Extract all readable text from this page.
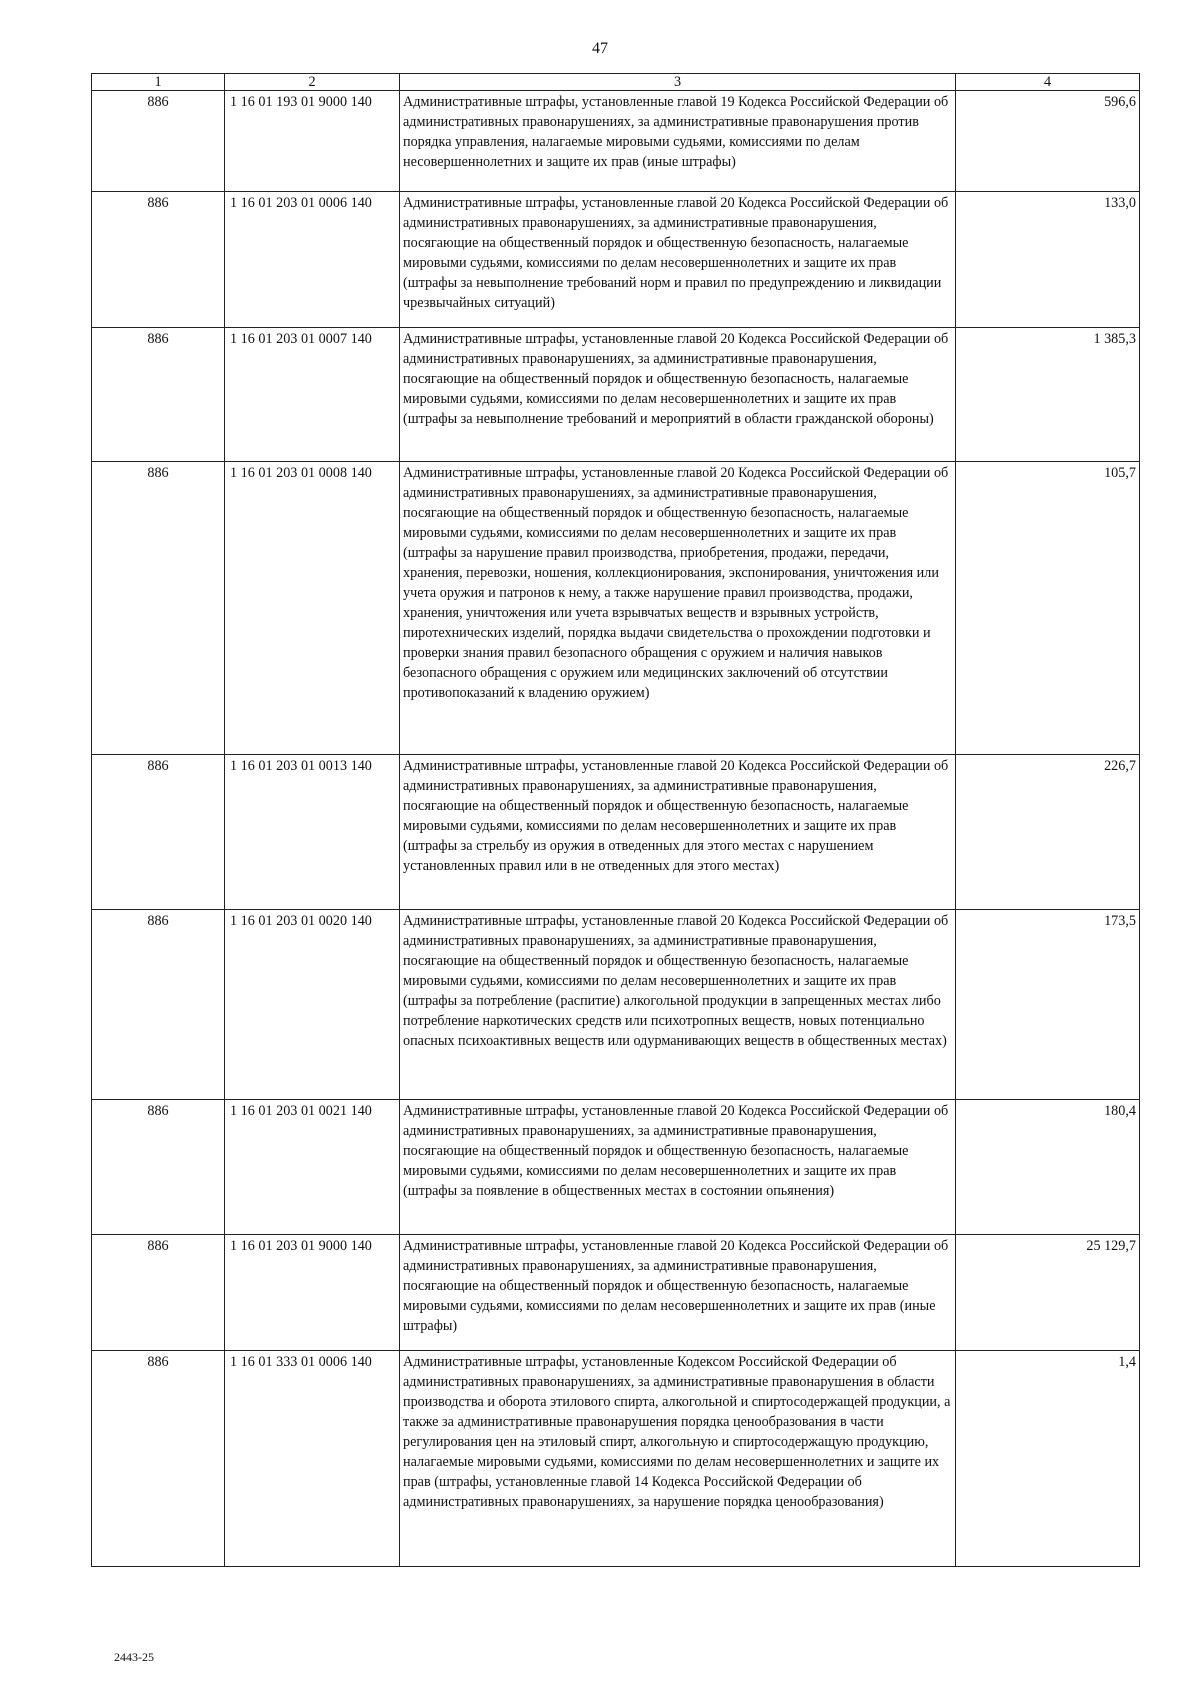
47
1	2	3	4
886	1 16 01 193 01 9000 140	Административные штрафы, установленные главой 19 Кодекса Российской Федерации об административных правонарушениях, за административные правонарушения против порядка управления, налагаемые мировыми судьями, комиссиями по делам несовершеннолетних и защите их прав (иные штрафы)	596,6
886	1 16 01 203 01 0006 140	Административные штрафы, установленные главой 20 Кодекса Российской Федерации об административных правонарушениях, за административные правонарушения, посягающие на общественный порядок и общественную безопасность, налагаемые мировыми судьями, комиссиями по делам несовершеннолетних и защите их прав (штрафы за невыполнение требований норм и правил по предупреждению и ликвидации чрезвычайных ситуаций)	133,0
886	1 16 01 203 01 0007 140	Административные штрафы, установленные главой 20 Кодекса Российской Федерации об административных правонарушениях, за административные правонарушения, посягающие на общественный порядок и общественную безопасность, налагаемые мировыми судьями, комиссиями по делам несовершеннолетних и защите их прав (штрафы за невыполнение требований и мероприятий в области гражданской обороны)	1 385,3
886	1 16 01 203 01 0008 140	Административные штрафы, установленные главой 20 Кодекса Российской Федерации об административных правонарушениях, за административные правонарушения, посягающие на общественный порядок и общественную безопасность, налагаемые мировыми судьями, комиссиями по делам несовершеннолетних и защите их прав (штрафы за нарушение правил производства, приобретения, продажи, передачи, хранения, перевозки, ношения, коллекционирования, экспонирования, уничтожения или учета оружия и патронов к нему, а также нарушение правил производства, продажи, хранения, уничтожения или учета взрывчатых веществ и взрывных устройств, пиротехнических изделий, порядка выдачи свидетельства о прохождении подготовки и проверки знания правил безопасного обращения с оружием и наличия навыков безопасного обращения с оружием или медицинских заключений об отсутствии противопоказаний к владению оружием)	105,7
886	1 16 01 203 01 0013 140	Административные штрафы, установленные главой 20 Кодекса Российской Федерации об административных правонарушениях, за административные правонарушения, посягающие на общественный порядок и общественную безопасность, налагаемые мировыми судьями, комиссиями по делам несовершеннолетних и защите их прав (штрафы за стрельбу из оружия в отведенных для этого местах с нарушением установленных правил или в не отведенных для этого местах)	226,7
886	1 16 01 203 01 0020 140	Административные штрафы, установленные главой 20 Кодекса Российской Федерации об административных правонарушениях, за административные правонарушения, посягающие на общественный порядок и общественную безопасность, налагаемые мировыми судьями, комиссиями по делам несовершеннолетних и защите их прав (штрафы за потребление (распитие) алкогольной продукции в запрещенных местах либо потребление наркотических средств или психотропных веществ, новых потенциально опасных психоактивных веществ или одурманивающих веществ в общественных местах)	173,5
886	1 16 01 203 01 0021 140	Административные штрафы, установленные главой 20 Кодекса Российской Федерации об административных правонарушениях, за административные правонарушения, посягающие на общественный порядок и общественную безопасность, налагаемые мировыми судьями, комиссиями по делам несовершеннолетних и защите их прав (штрафы за появление в общественных местах в состоянии опьянения)	180,4
886	1 16 01 203 01 9000 140	Административные штрафы, установленные главой 20 Кодекса Российской Федерации об административных правонарушениях, за административные правонарушения, посягающие на общественный порядок и общественную безопасность, налагаемые мировыми судьями, комиссиями по делам несовершеннолетних и защите их прав (иные штрафы)	25 129,7
886	1 16 01 333 01 0006 140	Административные штрафы, установленные Кодексом Российской Федерации об административных правонарушениях, за административные правонарушения в области производства и оборота этилового спирта, алкогольной и спиртосодержащей продукции, а также за административные правонарушения порядка ценообразования в части регулирования цен на этиловый спирт, алкогольную и спиртосодержащую продукцию, налагаемые мировыми судьями, комиссиями по делам несовершеннолетних и защите их прав (штрафы, установленные главой 14 Кодекса Российской Федерации об административных правонарушениях, за нарушение порядка ценообразования)	1,4
2443-25
